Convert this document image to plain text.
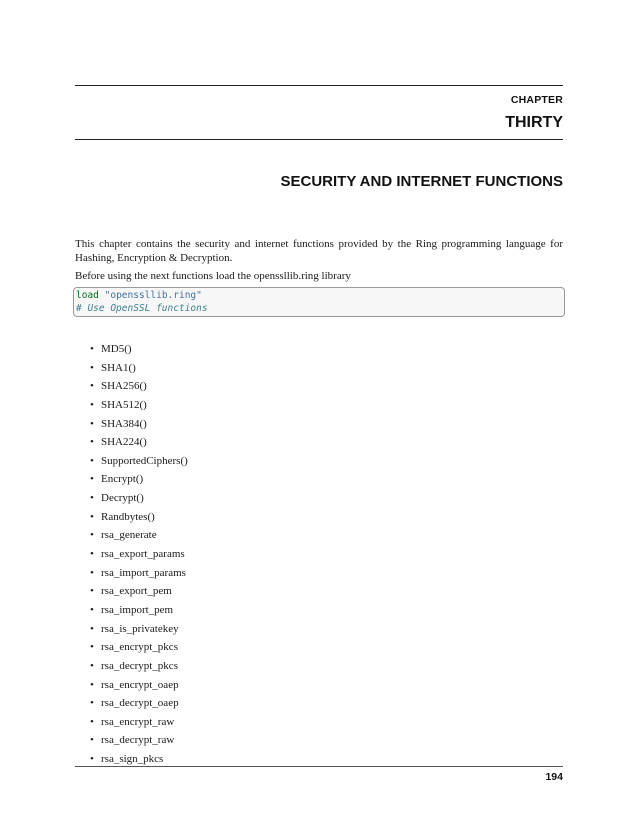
CHAPTER
THIRTY
SECURITY AND INTERNET FUNCTIONS

This chapter contains the security and internet functions provided by the Ring programming language for Hashing, Encryption & Decryption.

Before using the next functions load the openssllib.ring library

load "openssllib.ring"
# Use OpenSSL functions
• MD5()
• SHA1()
• SHA256()
• SHA512()
• SHA384()
• SHA224()
• SupportedCiphers()
• Encrypt()
• Decrypt()
• Randbytes()
• rsa_generate
• rsa_export_params
• rsa_import_params
• rsa_export_pem
• rsa_import_pem
• rsa_is_privatekey
• rsa_encrypt_pkcs
• rsa_decrypt_pkcs
• rsa_encrypt_oaep
• rsa_decrypt_oaep
• rsa_encrypt_raw
• rsa_decrypt_raw
• rsa_sign_pkcs
194
